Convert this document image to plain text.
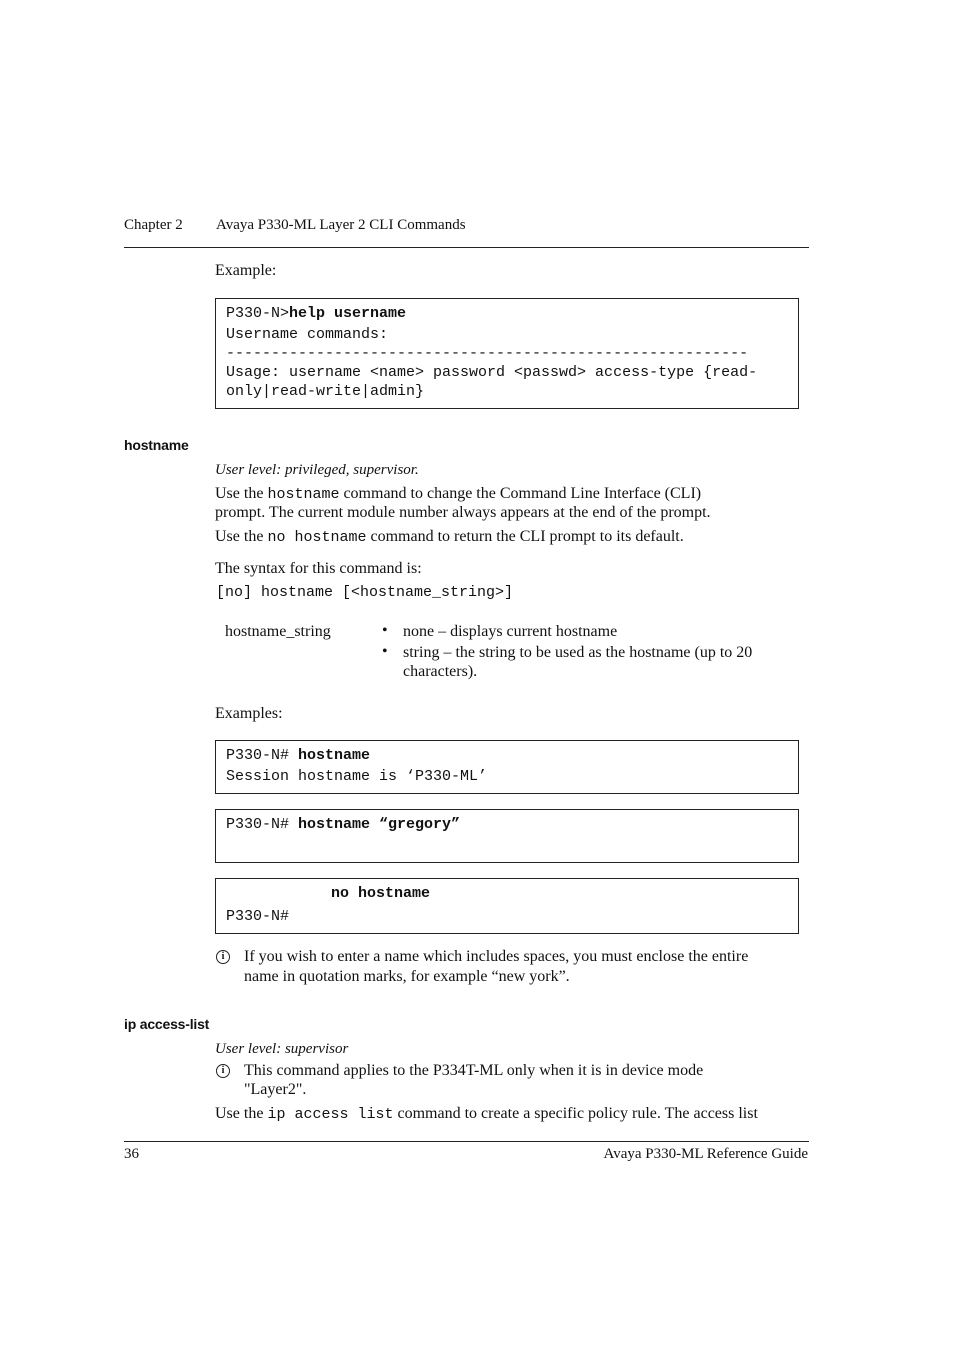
Chapter 2 Avaya P330-ML Layer 2 CLI Commands
Example:
P330-N>help username
Username commands:
----------------------------------------------------------
Usage: username <name> password <passwd> access-type {read-
only|read-write|admin}
hostname
User level: privileged, supervisor.
Use the hostname command to change the Command Line Interface (CLI)
prompt. The current module number always appears at the end of the prompt.
Use the no hostname command to return the CLI prompt to its default.
The syntax for this command is:
[no] hostname [<hostname_string>]
hostname_string	• none – displays current hostname
• string – the string to be used as the hostname (up to 20
characters).
Examples:
P330-N# hostname
Session hostname is ‘P330-ML’
P330-N# hostname “gregory”
no hostname
P330-N#
i	If you wish to enter a name which includes spaces, you must enclose the entire
name in quotation marks, for example “new york”.
ip access-list
User level: supervisor
i	This command applies to the P334T-ML only when it is in device mode
"Layer2".
Use the ip access list command to create a specific policy rule. The access list
36	Avaya P330-ML Reference Guide
